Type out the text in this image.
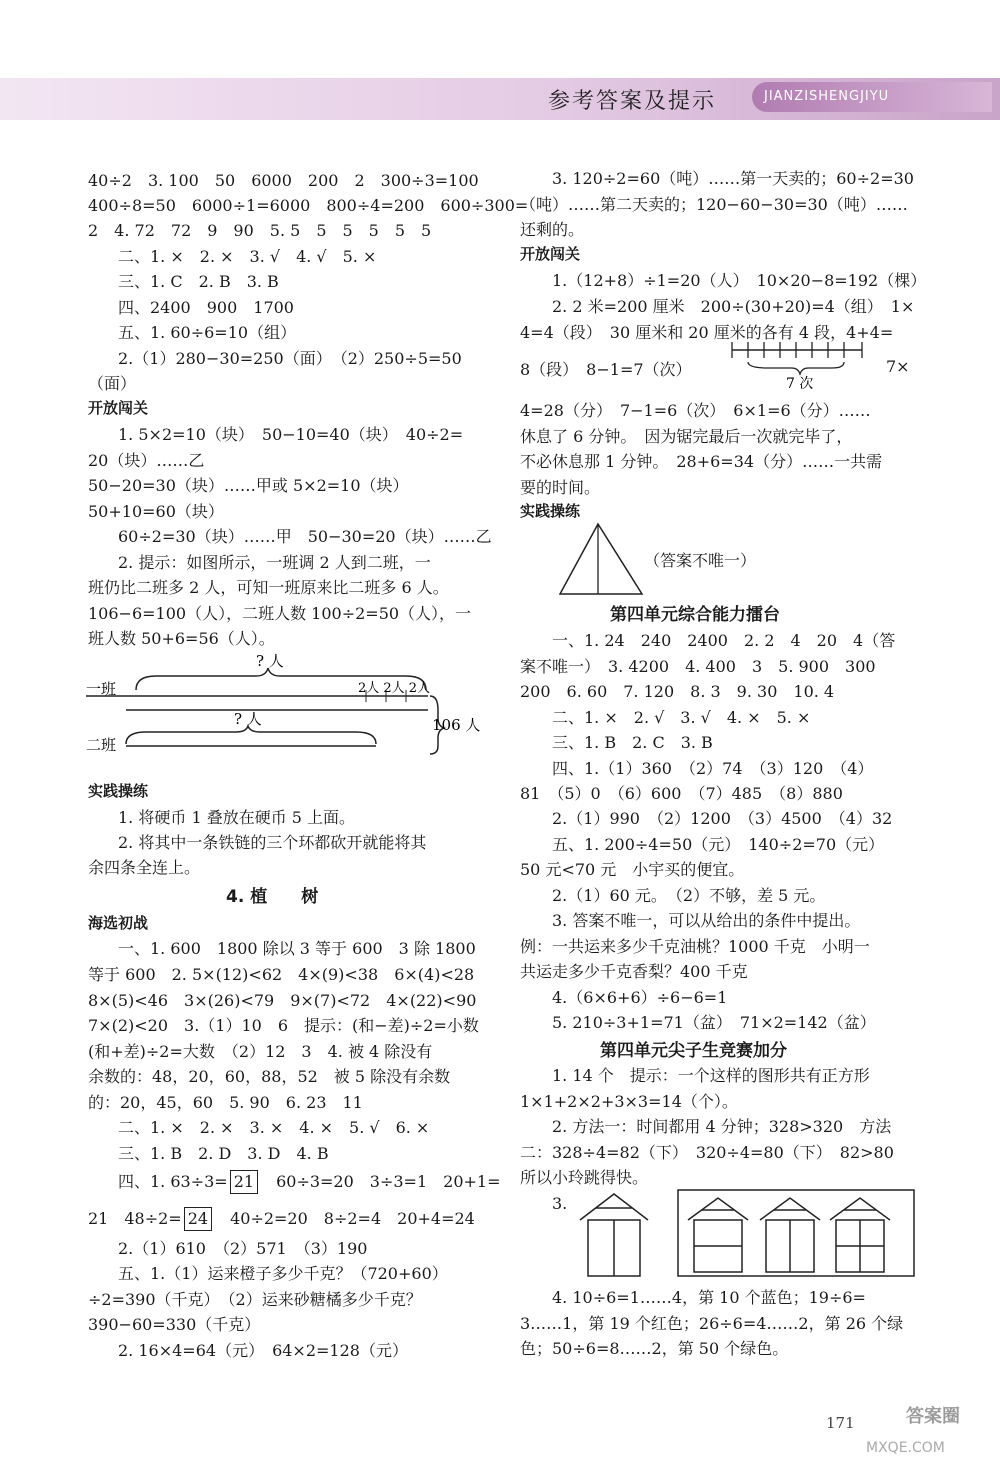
参考答案及提示	JIANZISHENGJIYU
40÷2　3. 100　50　6000　200　2　300÷3=100
400÷8=50　6000÷1=6000　800÷4=200　600÷300=
2　4. 72　72　9　90　5. 5　5　5　5　5　5
二、1. ×　2. ×　3. √　4. √　5. ×
三、1. C　2. B　3. B
四、2400　900　1700
五、1. 60÷6=10（组）
2.（1）280−30=250（面）　（2）250÷5=50
（面）
开放闯关
1. 5×2=10（块）　50−10=40（块）　40÷2=
20（块）……乙
50−20=30（块）……甲或 5×2=10（块）
50+10=60（块）
60÷2=30（块）……甲　50−30=20（块）……乙
2. 提示：如图所示，一班调 2 人到二班，一
班仍比二班多 2 人，可知一班原来比二班多 6 人。
106−6=100（人），二班人数 100÷2=50（人），一
班人数 50+6=56（人）。
? 人
2人 2人 2人
一班
? 人
二班
106 人
实践操练
1. 将硬币 1 叠放在硬币 5 上面。
2. 将其中一条铁链的三个环都砍开就能将其
余四条全连上。
4. 植　　树
海选初战
一、1. 600　1800 除以 3 等于 600　3 除 1800
等于 600　2. 5×(12)<62　4×(9)<38　6×(4)<28
8×(5)<46　3×(26)<79　9×(7)<72　4×(22)<90
7×(2)<20　3.（1）10　6　提示：(和−差)÷2=小数
(和+差)÷2=大数　（2）12　3　4. 被 4 除没有
余数的：48，20，60，88，52　被 5 除没有余数
的：20，45，60　5. 90　6. 23　11
二、1. ×　2. ×　3. ×　4. ×　5. √　6. ×
三、1. B　2. D　3. D　4. B
四、1. 63÷3= 21　60÷3=20　3÷3=1　20+1=
21　48÷2= 24　40÷2=20　8÷2=4　20+4=24
2.（1）610　（2）571　（3）190
五、1.（1）运来橙子多少千克？（720+60）
÷2=390（千克）　（2）运来砂糖橘多少千克？
390−60=330（千克）
2. 16×4=64（元）　64×2=128（元）
3. 120÷2=60（吨）……第一天卖的；60÷2=30
（吨）……第二天卖的；120−60−30=30（吨）……
还剩的。
开放闯关
1.（12+8）÷1=20（人）　10×20−8=192（棵）
2. 2 米=200 厘米　200÷(30+20)=4（组）　1×
4=4（段）　30 厘米和 20 厘米的各有 4 段，4+4=
8（段）　8−1=7（次）
7 次
7×
4=28（分）　7−1=6（次）　6×1=6（分）……
休息了 6 分钟。　因为锯完最后一次就完毕了，
不必休息那 1 分钟。　28+6=34（分）……一共需
要的时间。
实践操练
（答案不唯一）
第四单元综合能力擂台
一、1. 24　240　2400　2. 2　4　20　4（答
案不唯一）　3. 4200　4. 400　3　5. 900　300
200　6. 60　7. 120　8. 3　9. 30　10. 4
二、1. ×　2. √　3. √　4. ×　5. ×
三、1. B　2. C　3. B
四、1.（1）360　（2）74　（3）120　（4）
81　（5）0　（6）600　（7）485　（8）880
2.（1）990　（2）1200　（3）4500　（4）32
五、1. 200÷4=50（元）　140÷2=70（元）
50 元<70 元　小宇买的便宜。
2.（1）60 元。　（2）不够，差 5 元。
3. 答案不唯一，可以从给出的条件中提出。
例：一共运来多少千克油桃？1000 千克　小明一
共运走多少千克香梨？400 千克
4.（6×6+6）÷6−6=1
5. 210÷3+1=71（盆）　71×2=142（盆）
第四单元尖子生竞赛加分
1. 14 个　提示：一个这样的图形共有正方形
1×1+2×2+3×3=14（个）。
2. 方法一：时间都用 4 分钟；328>320　方法
二：328÷4=82（下）　320÷4=80（下）　82>80
所以小玲跳得快。
3.
4. 10÷6=1……4，第 10 个蓝色；19÷6=
3……1，第 19 个红色；26÷6=4……2，第 26 个绿
色；50÷6=8……2，第 50 个绿色。
171	答案圈
MXQE.COM
